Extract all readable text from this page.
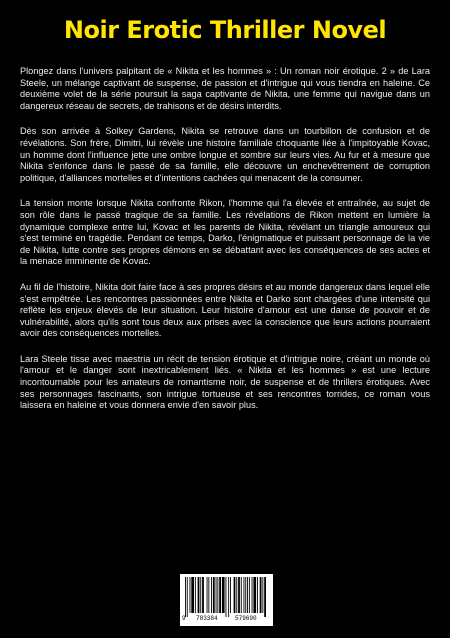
Noir Erotic Thriller Novel

Plongez dans l'univers palpitant de « Nikita et les hommes » : Un roman noir érotique. 2 » de Lara Steele, un mélange captivant de suspense, de passion et d'intrigue qui vous tiendra en haleine. Ce deuxième volet de la série poursuit la saga captivante de Nikita, une femme qui navigue dans un dangereux réseau de secrets, de trahisons et de désirs interdits.

Dès son arrivée à Solkey Gardens, Nikita se retrouve dans un tourbillon de confusion et de révélations. Son frère, Dimitri, lui révèle une histoire familiale choquante liée à l'impitoyable Kovac, un homme dont l'influence jette une ombre longue et sombre sur leurs vies. Au fur et à mesure que Nikita s'enfonce dans le passé de sa famille, elle découvre un enchevêtrement de corruption politique, d'alliances mortelles et d'intentions cachées qui menacent de la consumer.

La tension monte lorsque Nikita confronte Rikon, l'homme qui l'a élevée et entraînée, au sujet de son rôle dans le passé tragique de sa famille. Les révélations de Rikon mettent en lumière la dynamique complexe entre lui, Kovac et les parents de Nikita, révélant un triangle amoureux qui s'est terminé en tragédie. Pendant ce temps, Darko, l'énigmatique et puissant personnage de la vie de Nikita, lutte contre ses propres démons en se débattant avec les conséquences de ses actes et la menace imminente de Kovac.

Au fil de l'histoire, Nikita doit faire face à ses propres désirs et au monde dangereux dans lequel elle s'est empêtrée. Les rencontres passionnées entre Nikita et Darko sont chargées d'une intensité qui reflète les enjeux élevés de leur situation. Leur histoire d'amour est une danse de pouvoir et de vulnérabilité, alors qu'ils sont tous deux aux prises avec la conscience que leurs actions pourraient avoir des conséquences mortelles.

Lara Steele tisse avec maestria un récit de tension érotique et d'intrigue noire, créant un monde où l'amour et le danger sont inextricablement liés. « Nikita et les hommes » est une lecture incontournable pour les amateurs de romantisme noir, de suspense et de thrillers érotiques. Avec ses personnages fascinants, son intrigue tortueuse et ses rencontres torrides, ce roman vous laissera en haleine et vous donnera envie d'en savoir plus.

9 783384	579690
